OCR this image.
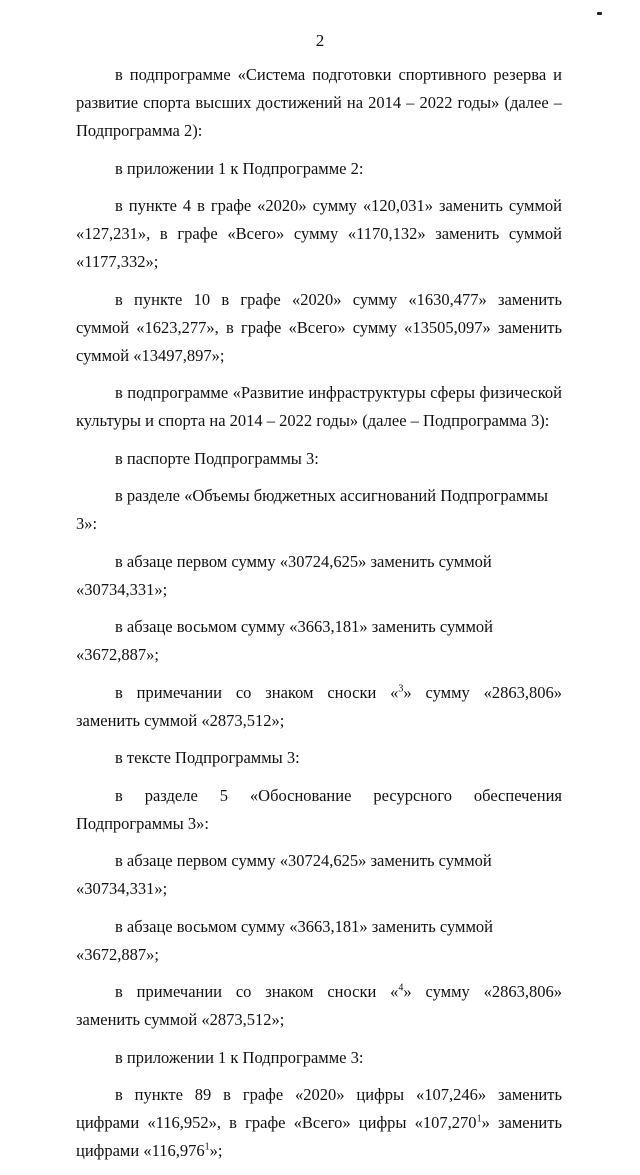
2

в подпрограмме «Система подготовки спортивного резерва и развитие спорта высших достижений на 2014 – 2022 годы» (далее – Подпрограмма 2):

в приложении 1 к Подпрограмме 2:

в пункте 4 в графе «2020» сумму «120,031» заменить суммой «127,231», в графе «Всего» сумму «1170,132» заменить суммой «1177,332»;

в пункте 10 в графе «2020» сумму «1630,477» заменить суммой «1623,277», в графе «Всего» сумму «13505,097» заменить суммой «13497,897»;

в подпрограмме «Развитие инфраструктуры сферы физической культуры и спорта на 2014 – 2022 годы» (далее – Подпрограмма 3):

в паспорте Подпрограммы 3:

в разделе «Объемы бюджетных ассигнований Подпрограммы 3»:

в абзаце первом сумму «30724,625» заменить суммой «30734,331»;

в абзаце восьмом сумму «3663,181» заменить суммой «3672,887»;

в примечании со знаком сноски «$^3$» сумму «2863,806» заменить суммой «2873,512»;

в тексте Подпрограммы 3:

в разделе 5 «Обоснование ресурсного обеспечения Подпрограммы 3»:

в абзаце первом сумму «30724,625» заменить суммой «30734,331»;

в абзаце восьмом сумму «3663,181» заменить суммой «3672,887»;

в примечании со знаком сноски «$^4$» сумму «2863,806» заменить суммой «2873,512»;

в приложении 1 к Подпрограмме 3:

в пункте 89 в графе «2020» цифры «107,246» заменить цифрами «116,952», в графе «Всего» цифры «107,270$^1$» заменить цифрами «116,976$^1$»;
